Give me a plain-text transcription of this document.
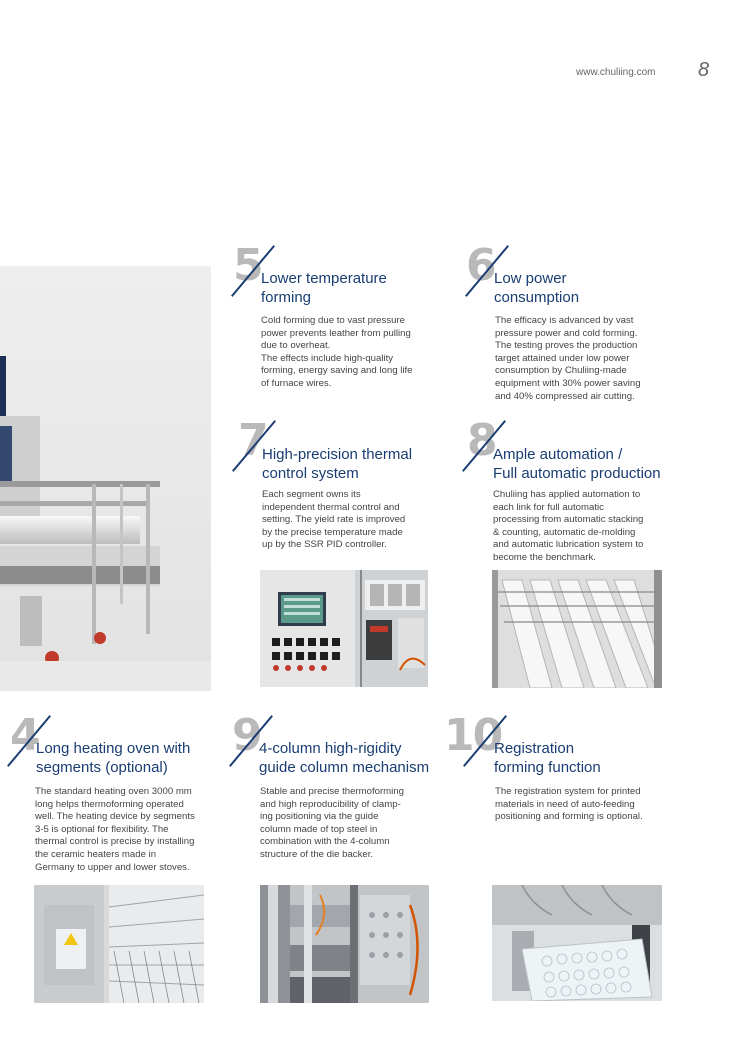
www.chuliing.com 8
5 Lower temperature
forming
Cold forming due to vast pressure
power prevents leather from pulling
due to overheat.
The effects include high-quality
forming, energy saving and long life
of furnace wires.
6 Low power
consumption
The efficacy is advanced by vast
pressure power and cold forming.
The testing proves the production
target attained under low power
consumption by Chuliing-made
equipment with 30% power saving
and 40% compressed air cutting.
7
High-precision thermal
control system
Each segment owns its
independent thermal control and
setting. The yield rate is improved
by the precise temperature made
up by the SSR PID controller.
8
Ample automation /
Full automatic production
Chuliing has applied automation to
each link for full automatic
processing from automatic stacking
& counting, automatic de-molding
and automatic lubrication system to
become the benchmark.
4
Long heating oven with
segments (optional)
The standard heating oven 3000 mm
long helps thermoforming operated
well. The heating device by segments
3-5 is optional for flexibility. The
thermal control is precise by installing
the ceramic heaters made in
Germany to upper and lower stoves.
9
4-column high-rigidity
guide column mechanism
Stable and precise thermoforming
and high reproducibility of clamp-
ing positioning via the guide
column made of top steel in
combination with the 4-column
structure of the die backer.
10
Registration
forming function
The registration system for printed
materials in need of auto-feeding
positioning and forming is optional.
